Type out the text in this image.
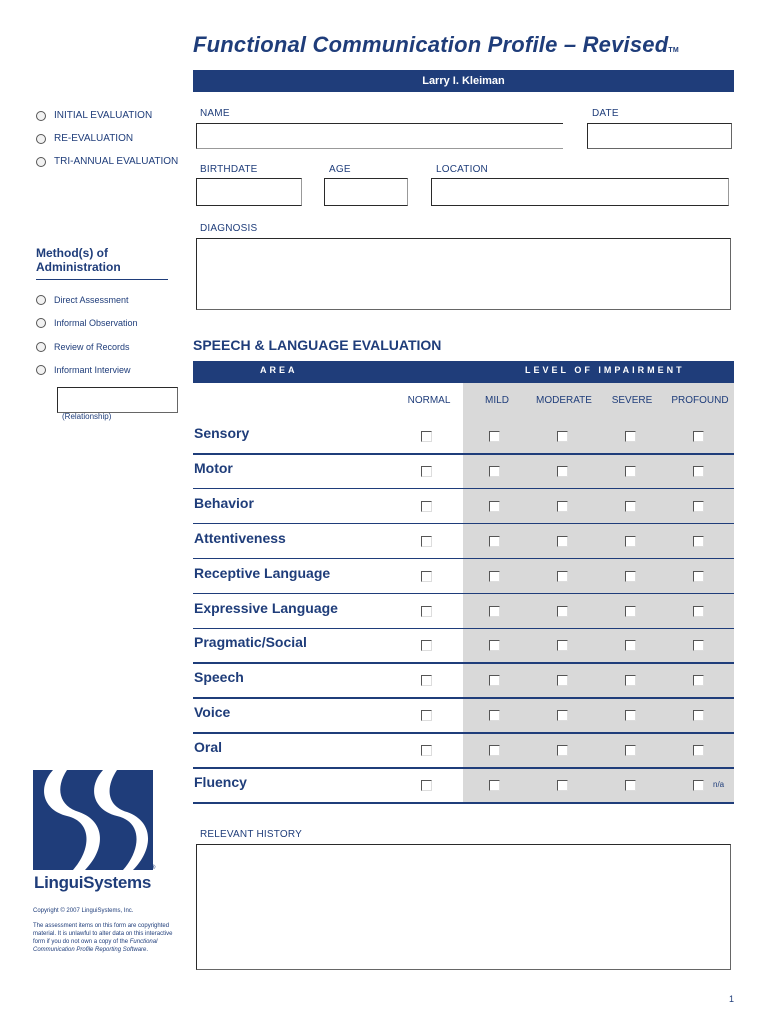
Functional Communication Profile – RevisedTM
Larry I. Kleiman
INITIAL EVALUATION
RE-EVALUATION
TRI-ANNUAL EVALUATION
NAME	DATE
BIRTHDATE	AGE	LOCATION
DIAGNOSIS
Method(s) of
Administration
Direct Assessment
Informal Observation
Review of Records
Informant Interview
(Relationship)
SPEECH & LANGUAGE EVALUATION
AREA	LEVEL OF IMPAIRMENT
NORMAL	MILD	MODERATE	SEVERE	PROFOUND
Sensory
Motor
Behavior
Attentiveness
Receptive Language
Expressive Language
Pragmatic/Social
Speech
Voice
Oral
Fluency	n/a
RELEVANT HISTORY
LinguiSystems®
Copyright © 2007 LinguiSystems, Inc.
The assessment items on this form are copyrighted material. It is unlawful to alter data on this interactive form if you do not own a copy of the Functional Communication Profile Reporting Software.
1
